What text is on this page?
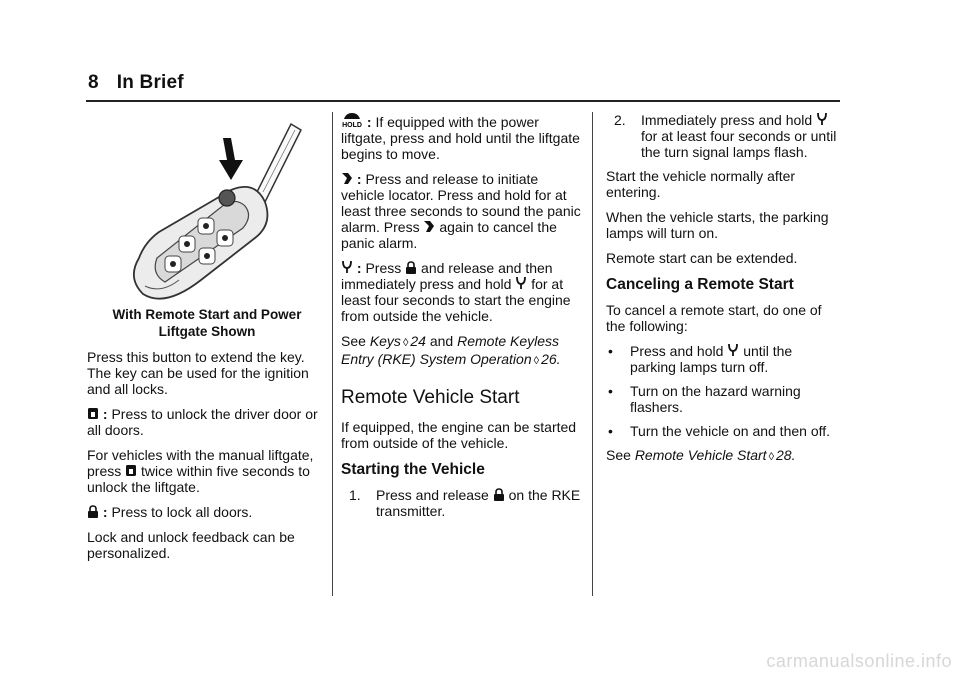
8 In Brief

With Remote Start and Power
Liftgate Shown

Press this button to extend the key. The key can be used for the ignition and all locks.

: Press to unlock the driver door or all doors.

For vehicles with the manual liftgate, press twice within five seconds to unlock the liftgate.

: Press to lock all doors.

Lock and unlock feedback can be personalized.

HOLD : If equipped with the power liftgate, press and hold until the liftgate begins to move.

: Press and release to initiate vehicle locator. Press and hold for at least three seconds to sound the panic alarm. Press again to cancel the panic alarm.

: Press and release and then immediately press and hold for at least four seconds to start the engine from outside the vehicle.

See Keys ◊ 24 and Remote Keyless Entry (RKE) System Operation ◊ 26.

Remote Vehicle Start

If equipped, the engine can be started from outside of the vehicle.

Starting the Vehicle
1.	Press and release on the RKE transmitter.
2.	Immediately press and hold  for at least four seconds or until the turn signal lamps flash.

Start the vehicle normally after entering.

When the vehicle starts, the parking lamps will turn on.

Remote start can be extended.

Canceling a Remote Start

To cancel a remote start, do one of the following:

•	Press and hold until the parking lamps turn off.
•	Turn on the hazard warning flashers.
•	Turn the vehicle on and then off.

See Remote Vehicle Start ◊ 28.

carmanualsonline.info
